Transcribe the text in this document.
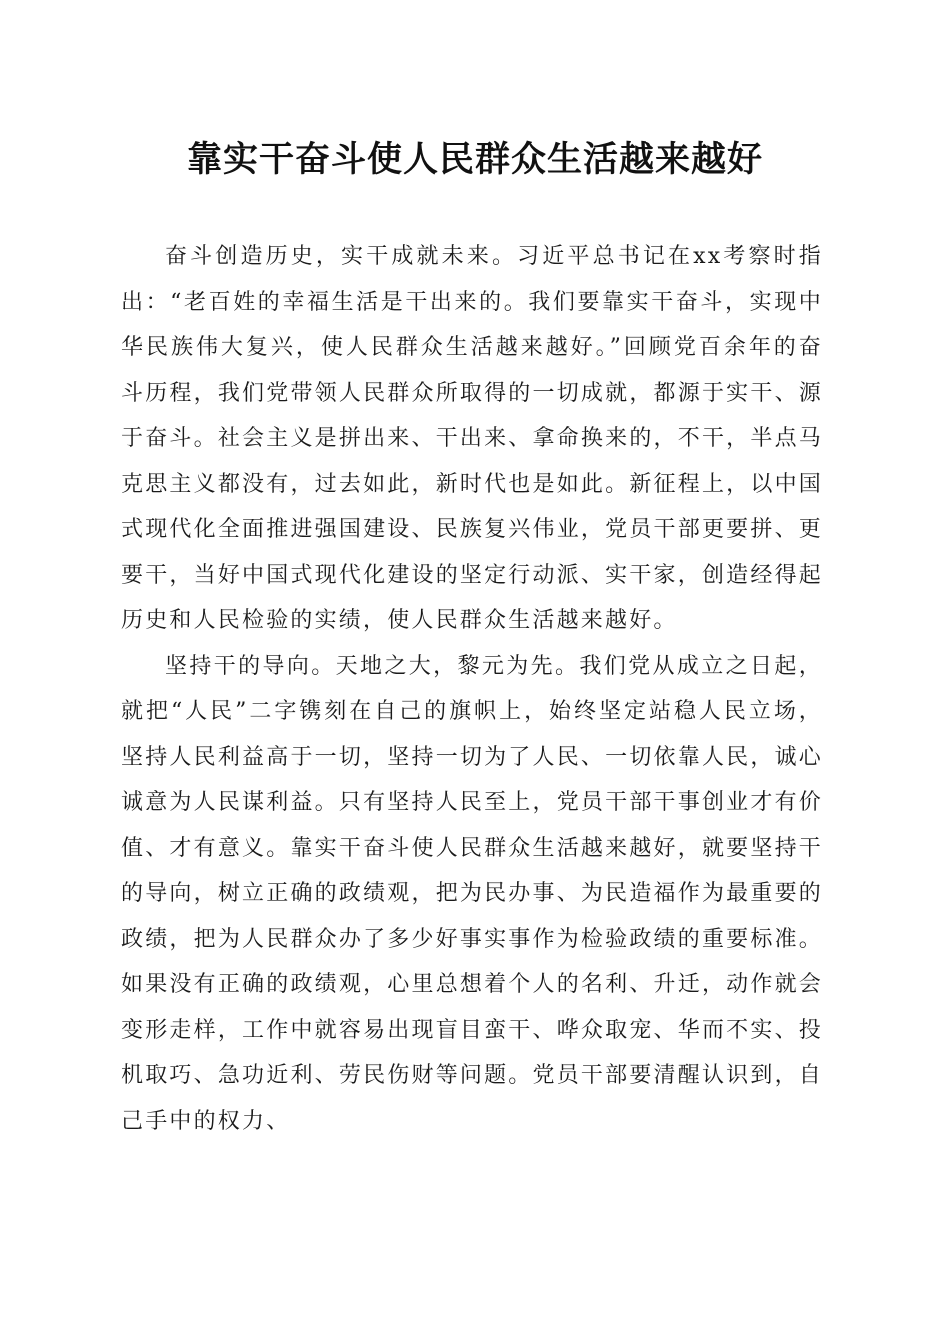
靠实干奋斗使人民群众生活越来越好

奋斗创造历史，实干成就未来。习近平总书记在xx考察时指出：“老百姓的幸福生活是干出来的。我们要靠实干奋斗，实现中华民族伟大复兴，使人民群众生活越来越好。”回顾党百余年的奋斗历程，我们党带领人民群众所取得的一切成就，都源于实干、源于奋斗。社会主义是拼出来、干出来、拿命换来的，不干，半点马克思主义都没有，过去如此，新时代也是如此。新征程上，以中国式现代化全面推进强国建设、民族复兴伟业，党员干部更要拼、更要干，当好中国式现代化建设的坚定行动派、实干家，创造经得起历史和人民检验的实绩，使人民群众生活越来越好。

坚持干的导向。天地之大，黎元为先。我们党从成立之日起，就把“人民”二字镌刻在自己的旗帜上，始终坚定站稳人民立场，坚持人民利益高于一切，坚持一切为了人民、一切依靠人民，诚心诚意为人民谋利益。只有坚持人民至上，党员干部干事创业才有价值、才有意义。靠实干奋斗使人民群众生活越来越好，就要坚持干的导向，树立正确的政绩观，把为民办事、为民造福作为最重要的政绩，把为人民群众办了多少好事实事作为检验政绩的重要标准。如果没有正确的政绩观，心里总想着个人的名利、升迁，动作就会变形走样，工作中就容易出现盲目蛮干、哗众取宠、华而不实、投机取巧、急功近利、劳民伤财等问题。党员干部要清醒认识到，自己手中的权力、
